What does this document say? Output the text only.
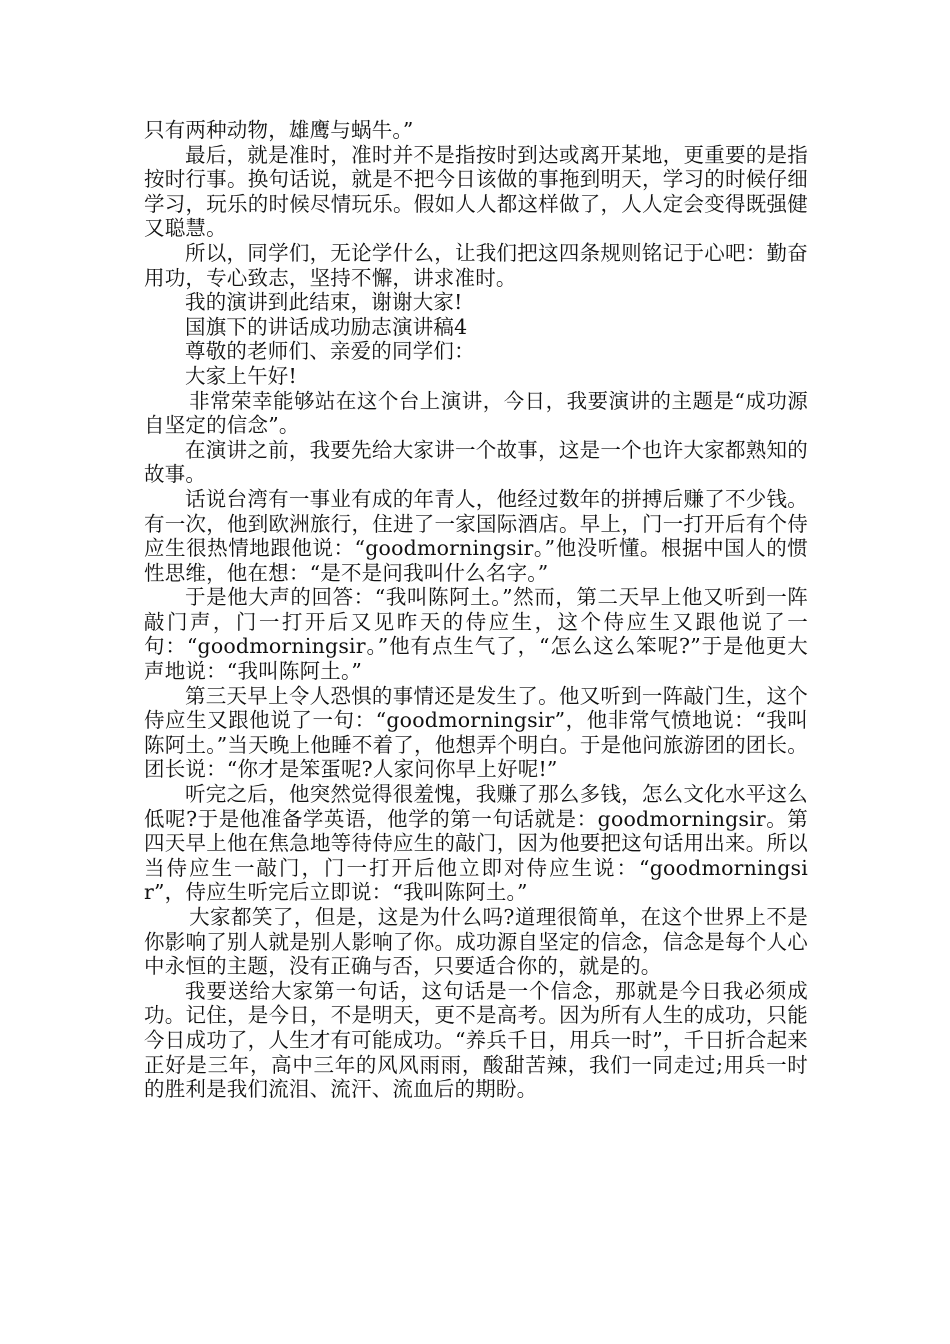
只有两种动物，雄鹰与蜗牛。”

最后，就是准时，准时并不是指按时到达或离开某地，更重要的是指按时行事。换句话说，就是不把今日该做的事拖到明天，学习的时候仔细学习，玩乐的时候尽情玩乐。假如人人都这样做了，人人定会变得既强健又聪慧。

所以，同学们，无论学什么，让我们把这四条规则铭记于心吧：勤奋用功，专心致志，坚持不懈，讲求准时。

我的演讲到此结束，谢谢大家!

国旗下的讲话成功励志演讲稿4

尊敬的老师们、亲爱的同学们：

大家上午好!

非常荣幸能够站在这个台上演讲，今日，我要演讲的主题是“成功源自坚定的信念”。

在演讲之前，我要先给大家讲一个故事，这是一个也许大家都熟知的故事。

话说台湾有一事业有成的年青人，他经过数年的拼搏后赚了不少钱。有一次，他到欧洲旅行，住进了一家国际酒店。早上，门一打开后有个侍应生很热情地跟他说：“goodmorningsir。”他没听懂。根据中国人的惯性思维，他在想：“是不是问我叫什么名字。”

于是他大声的回答：“我叫陈阿土。”然而，第二天早上他又听到一阵敲门声，门一打开后又见昨天的侍应生，这个侍应生又跟他说了一句：“goodmorningsir。”他有点生气了，“怎么这么笨呢?”于是他更大声地说：“我叫陈阿土。”

第三天早上令人恐惧的事情还是发生了。他又听到一阵敲门生，这个侍应生又跟他说了一句：“goodmorningsir”，他非常气愤地说：“我叫陈阿土。”当天晚上他睡不着了，他想弄个明白。于是他问旅游团的团长。团长说：“你才是笨蛋呢?人家问你早上好呢!”

听完之后，他突然觉得很羞愧，我赚了那么多钱，怎么文化水平这么低呢?于是他准备学英语，他学的第一句话就是：goodmorningsir。第四天早上他在焦急地等待侍应生的敲门，因为他要把这句话用出来。所以当侍应生一敲门，门一打开后他立即对侍应生说：“goodmorningsir”，侍应生听完后立即说：“我叫陈阿土。”

大家都笑了，但是，这是为什么吗?道理很简单，在这个世界上不是你影响了别人就是别人影响了你。成功源自坚定的信念，信念是每个人心中永恒的主题，没有正确与否，只要适合你的，就是的。

我要送给大家第一句话，这句话是一个信念，那就是今日我必须成功。记住，是今日，不是明天，更不是高考。因为所有人生的成功，只能今日成功了，人生才有可能成功。“养兵千日，用兵一时”，千日折合起来正好是三年，高中三年的风风雨雨，酸甜苦辣，我们一同走过;用兵一时的胜利是我们流泪、流汗、流血后的期盼。
